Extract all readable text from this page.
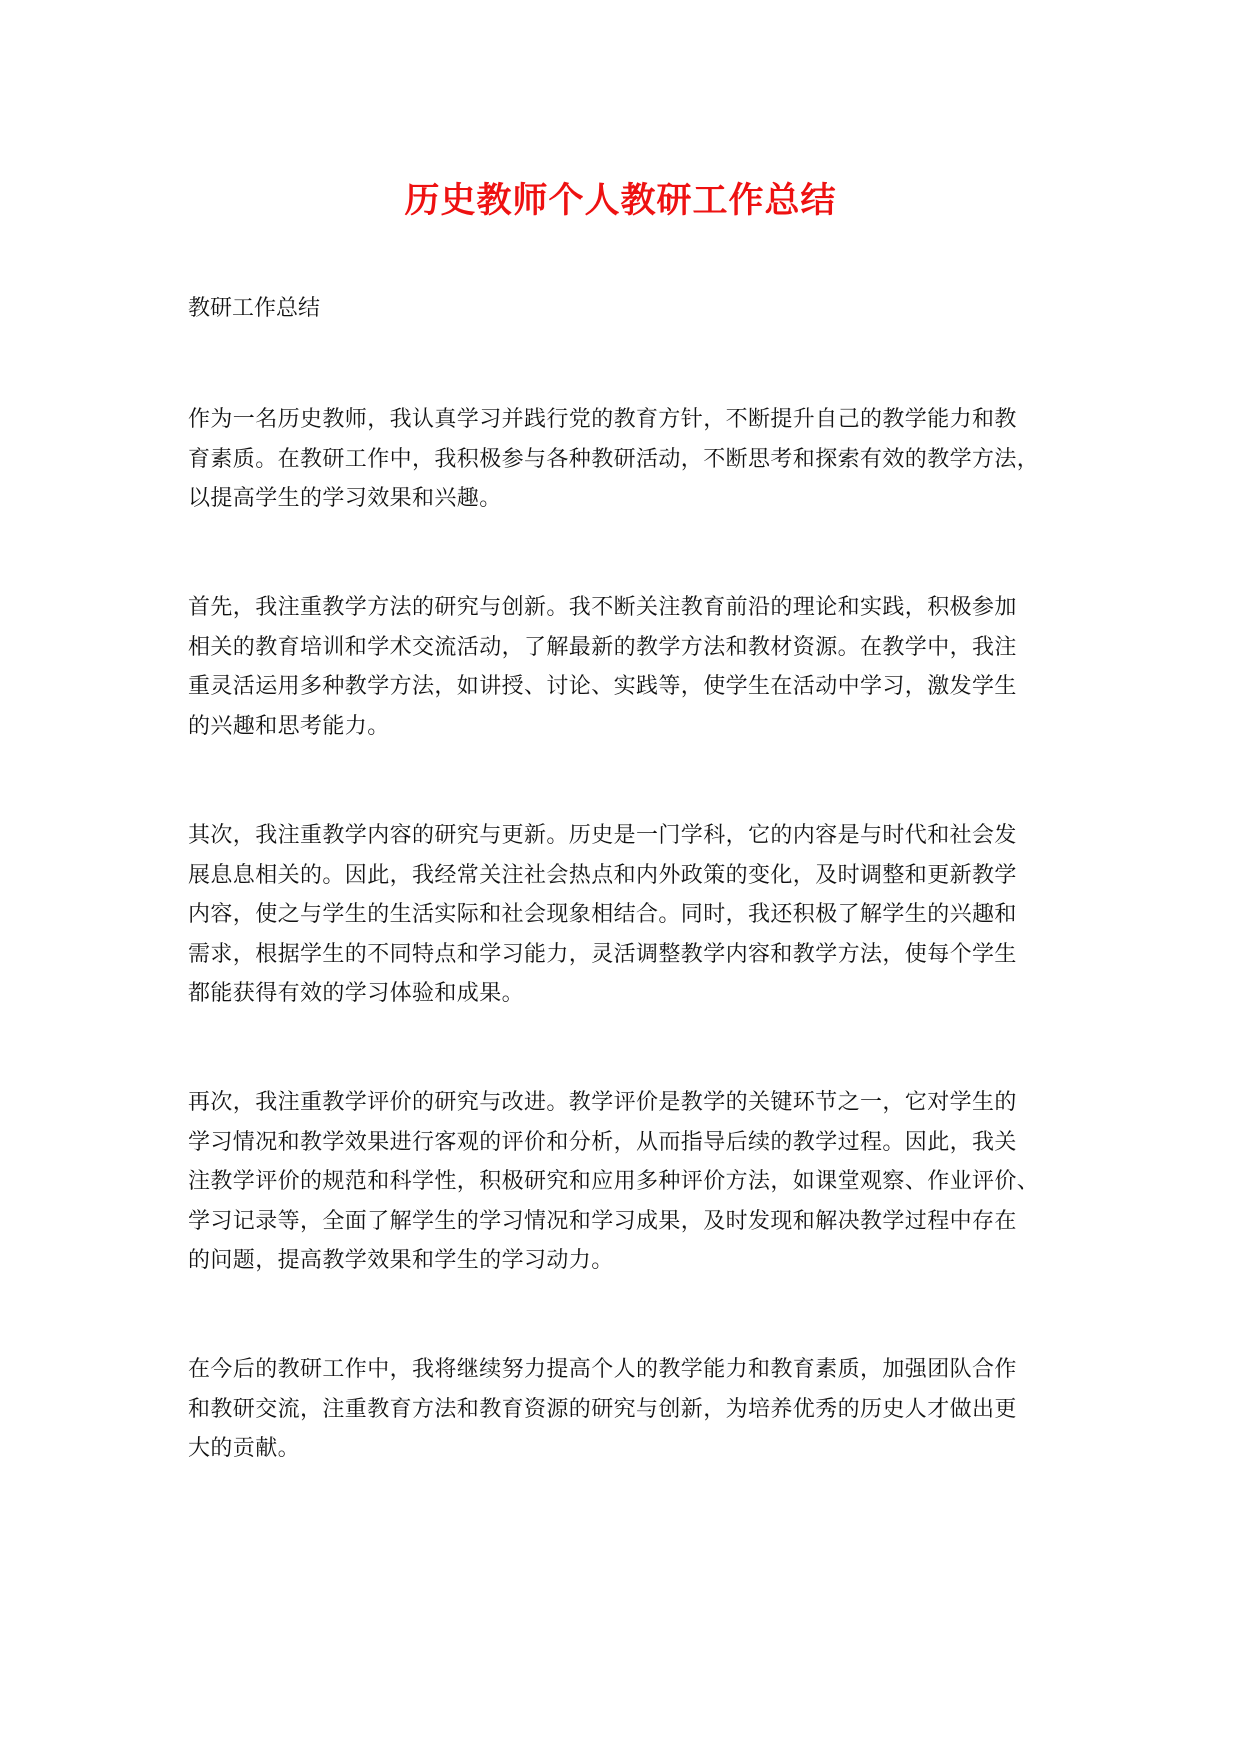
历史教师个人教研工作总结

教研工作总结

作为一名历史教师，我认真学习并践行党的教育方针，不断提升自己的教学能力和教
育素质。在教研工作中，我积极参与各种教研活动，不断思考和探索有效的教学方法，
以提高学生的学习效果和兴趣。

首先，我注重教学方法的研究与创新。我不断关注教育前沿的理论和实践，积极参加
相关的教育培训和学术交流活动，了解最新的教学方法和教材资源。在教学中，我注
重灵活运用多种教学方法，如讲授、讨论、实践等，使学生在活动中学习，激发学生
的兴趣和思考能力。

其次，我注重教学内容的研究与更新。历史是一门学科，它的内容是与时代和社会发
展息息相关的。因此，我经常关注社会热点和内外政策的变化，及时调整和更新教学
内容，使之与学生的生活实际和社会现象相结合。同时，我还积极了解学生的兴趣和
需求，根据学生的不同特点和学习能力，灵活调整教学内容和教学方法，使每个学生
都能获得有效的学习体验和成果。

再次，我注重教学评价的研究与改进。教学评价是教学的关键环节之一，它对学生的
学习情况和教学效果进行客观的评价和分析，从而指导后续的教学过程。因此，我关
注教学评价的规范和科学性，积极研究和应用多种评价方法，如课堂观察、作业评价、
学习记录等，全面了解学生的学习情况和学习成果，及时发现和解决教学过程中存在
的问题，提高教学效果和学生的学习动力。

在今后的教研工作中，我将继续努力提高个人的教学能力和教育素质，加强团队合作
和教研交流，注重教育方法和教育资源的研究与创新，为培养优秀的历史人才做出更
大的贡献。
